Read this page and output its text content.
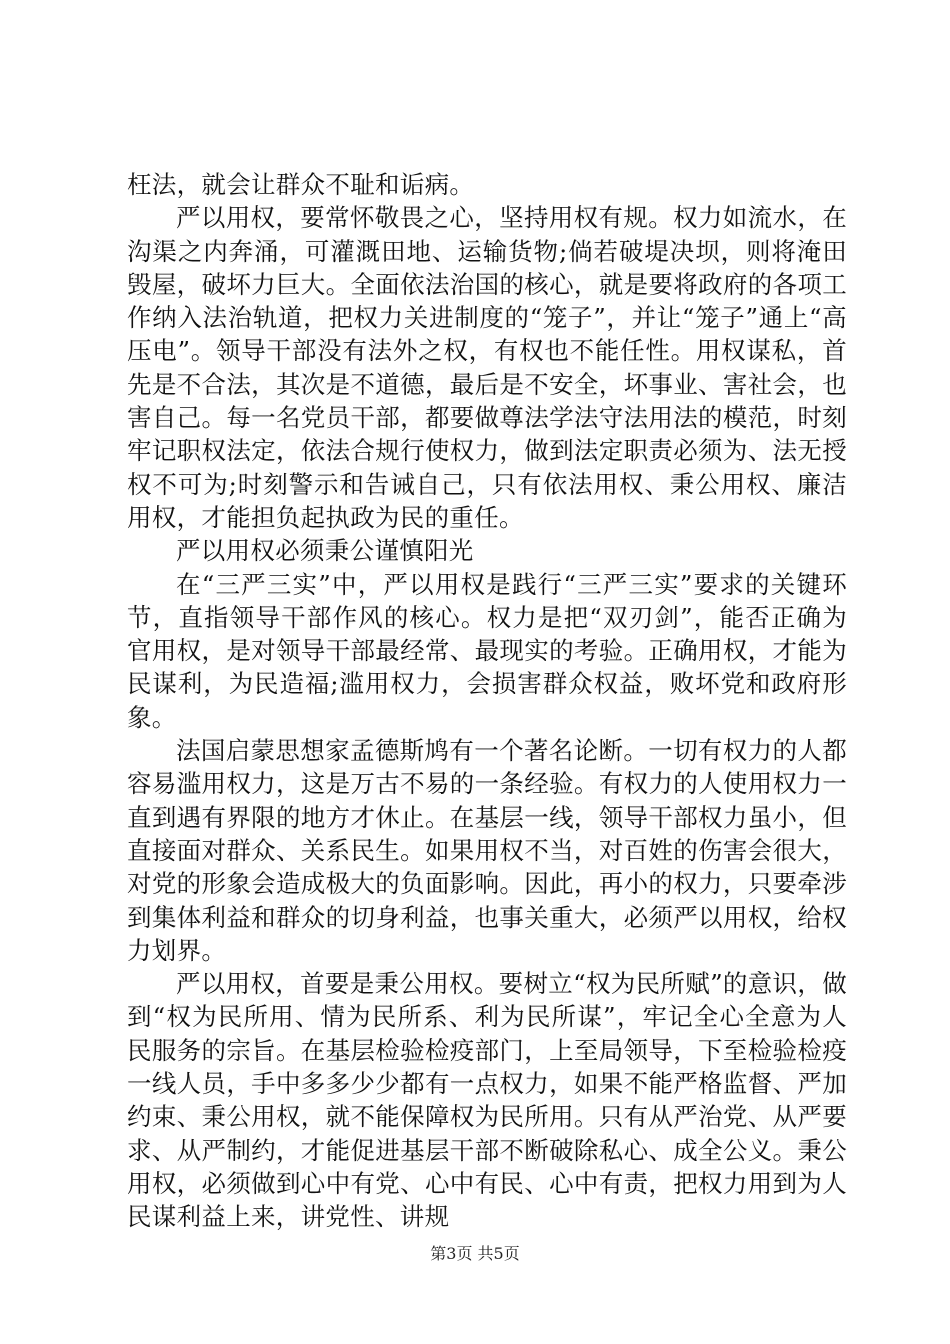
枉法，就会让群众不耻和诟病。

严以用权，要常怀敬畏之心，坚持用权有规。权力如流水，在沟渠之内奔涌，可灌溉田地、运输货物;倘若破堤决坝，则将淹田毁屋，破坏力巨大。全面依法治国的核心，就是要将政府的各项工作纳入法治轨道，把权力关进制度的“笼子”，并让“笼子”通上“高压电”。领导干部没有法外之权，有权也不能任性。用权谋私，首先是不合法，其次是不道德，最后是不安全，坏事业、害社会，也害自己。每一名党员干部，都要做尊法学法守法用法的模范，时刻牢记职权法定，依法合规行使权力，做到法定职责必须为、法无授权不可为;时刻警示和告诫自己，只有依法用权、秉公用权、廉洁用权，才能担负起执政为民的重任。

严以用权必须秉公谨慎阳光

在“三严三实”中，严以用权是践行“三严三实”要求的关键环节，直指领导干部作风的核心。权力是把“双刃剑”，能否正确为官用权，是对领导干部最经常、最现实的考验。正确用权，才能为民谋利，为民造福;滥用权力，会损害群众权益，败坏党和政府形象。

法国启蒙思想家孟德斯鸠有一个著名论断。一切有权力的人都容易滥用权力，这是万古不易的一条经验。有权力的人使用权力一直到遇有界限的地方才休止。在基层一线，领导干部权力虽小，但直接面对群众、关系民生。如果用权不当，对百姓的伤害会很大，对党的形象会造成极大的负面影响。因此，再小的权力，只要牵涉到集体利益和群众的切身利益，也事关重大，必须严以用权，给权力划界。

严以用权，首要是秉公用权。要树立“权为民所赋”的意识，做到“权为民所用、情为民所系、利为民所谋”，牢记全心全意为人民服务的宗旨。在基层检验检疫部门，上至局领导，下至检验检疫一线人员，手中多多少少都有一点权力，如果不能严格监督、严加约束、秉公用权，就不能保障权为民所用。只有从严治党、从严要求、从严制约，才能促进基层干部不断破除私心、成全公义。秉公用权，必须做到心中有党、心中有民、心中有责，把权力用到为人民谋利益上来，讲党性、讲规

第3页 共5页
